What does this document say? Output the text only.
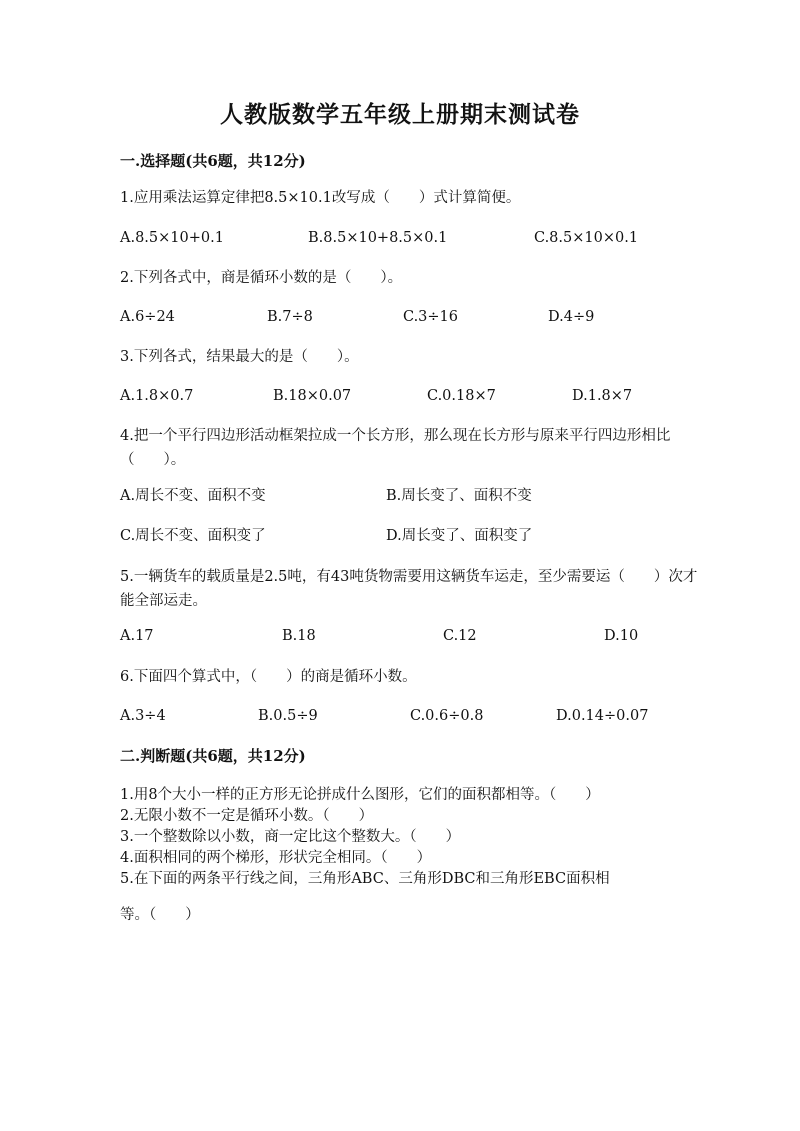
人教版数学五年级上册期末测试卷
一.选择题(共6题，共12分)
1.应用乘法运算定律把8.5×10.1改写成（　　）式计算简便。
A.8.5×10+0.1	B.8.5×10+8.5×0.1	C.8.5×10×0.1
2.下列各式中，商是循环小数的是（　　）。
A.6÷24	B.7÷8	C.3÷16	D.4÷9
3.下列各式，结果最大的是（　　）。
A.1.8×0.7	B.18×0.07	C.0.18×7	D.1.8×7
4.把一个平行四边形活动框架拉成一个长方形，那么现在长方形与原来平行四边形相比（　　）。
A.周长不变、面积不变	B.周长变了、面积不变
C.周长不变、面积变了	D.周长变了、面积变了
5.一辆货车的载质量是2.5吨，有43吨货物需要用这辆货车运走，至少需要运（　　）次才能全部运走。
A.17	B.18	C.12	D.10
6.下面四个算式中，（　　）的商是循环小数。
A.3÷4	B.0.5÷9	C.0.6÷0.8	D.0.14÷0.07
二.判断题(共6题，共12分)
1.用8个大小一样的正方形无论拼成什么图形，它们的面积都相等。（　　）
2.无限小数不一定是循环小数。（　　）
3.一个整数除以小数，商一定比这个整数大。（　　）
4.面积相同的两个梯形，形状完全相同。（　　）
5.在下面的两条平行线之间，三角形ABC、三角形DBC和三角形EBC面积相
等。（　　）
